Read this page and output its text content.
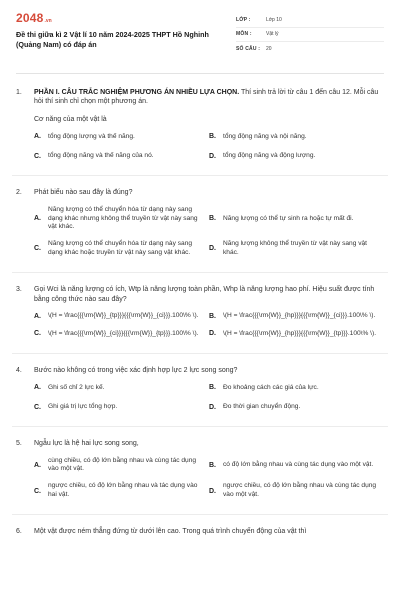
2048 .vn
Đề thi giữa kì 2 Vật lí 10 năm 2024-2025 THPT Hồ Nghinh (Quảng Nam) có đáp án
LỚP :	Lớp 10
MÔN :	Vật lý
SỐ CÂU :	20
1.	PHẦN I. CÂU TRẮC NGHIỆM PHƯƠNG ÁN NHIỀU LỰA CHỌN. Thí sinh trả lời từ câu 1 đến câu 12. Mỗi câu hỏi thí sinh chỉ chọn một phương án.
Cơ năng của một vật là
A.	tổng động lượng và thế năng.	B.	tổng động năng và nội năng.
C.	tổng động năng và thế năng của nó.	D.	tổng động năng và động lượng.
2.	Phát biểu nào sau đây là đúng?
A.
Năng lượng có thể chuyển hóa từ dạng này sang dạng khác nhưng không thể truyền từ vật này sang vật khác.
B.	Năng lượng có thể tự sinh ra hoặc tự mất đi.
C.
Năng lượng có thể chuyển hóa từ dạng này sang dạng khác hoặc truyền từ vật này sang vật khác.
D.
Năng lượng không thể truyền từ vật này sang vật khác.
3.	Gọi Wci là năng lượng có ích, Wtp là năng lượng toàn phần, Whp là năng lượng hao phí. Hiệu suất được tính bằng công thức nào sau đây?
A.	\(H = \frac{{{\rm{W}}_{tp}}}{{{\rm{W}}_{ci}}}.100\% \).	B.	\(H = \frac{{{\rm{W}}_{hp}}}{{{\rm{W}}_{ci}}}.100\% \).
C.	\(H = \frac{{{\rm{W}}_{ci}}}{{{\rm{W}}_{tp}}}.100\% \).	D.	\(H = \frac{{{\rm{W}}_{hp}}}{{{\rm{W}}_{tp}}}.100\% \).
4.	Bước nào không có trong việc xác định hợp lực 2 lực song song?
A.	Ghi số chỉ 2 lực kế.	B.	Đo khoảng cách các giá của lực.
C.	Ghi giá trị lực tổng hợp.	D.	Đo thời gian chuyển động.
5.	Ngẫu lực là hệ hai lực song song,
A.
cùng chiều, có độ lớn bằng nhau và cùng tác dụng vào một vật.
B.	có độ lớn bằng nhau và cùng tác dụng vào một vật.
C.
ngược chiều, có độ lớn bằng nhau và tác dụng vào hai vật.
D.
ngược chiều, có độ lớn bằng nhau và cùng tác dụng vào một vật.
6.	Một vật được ném thẳng đứng từ dưới lên cao. Trong quá trình chuyển động của vật thì
